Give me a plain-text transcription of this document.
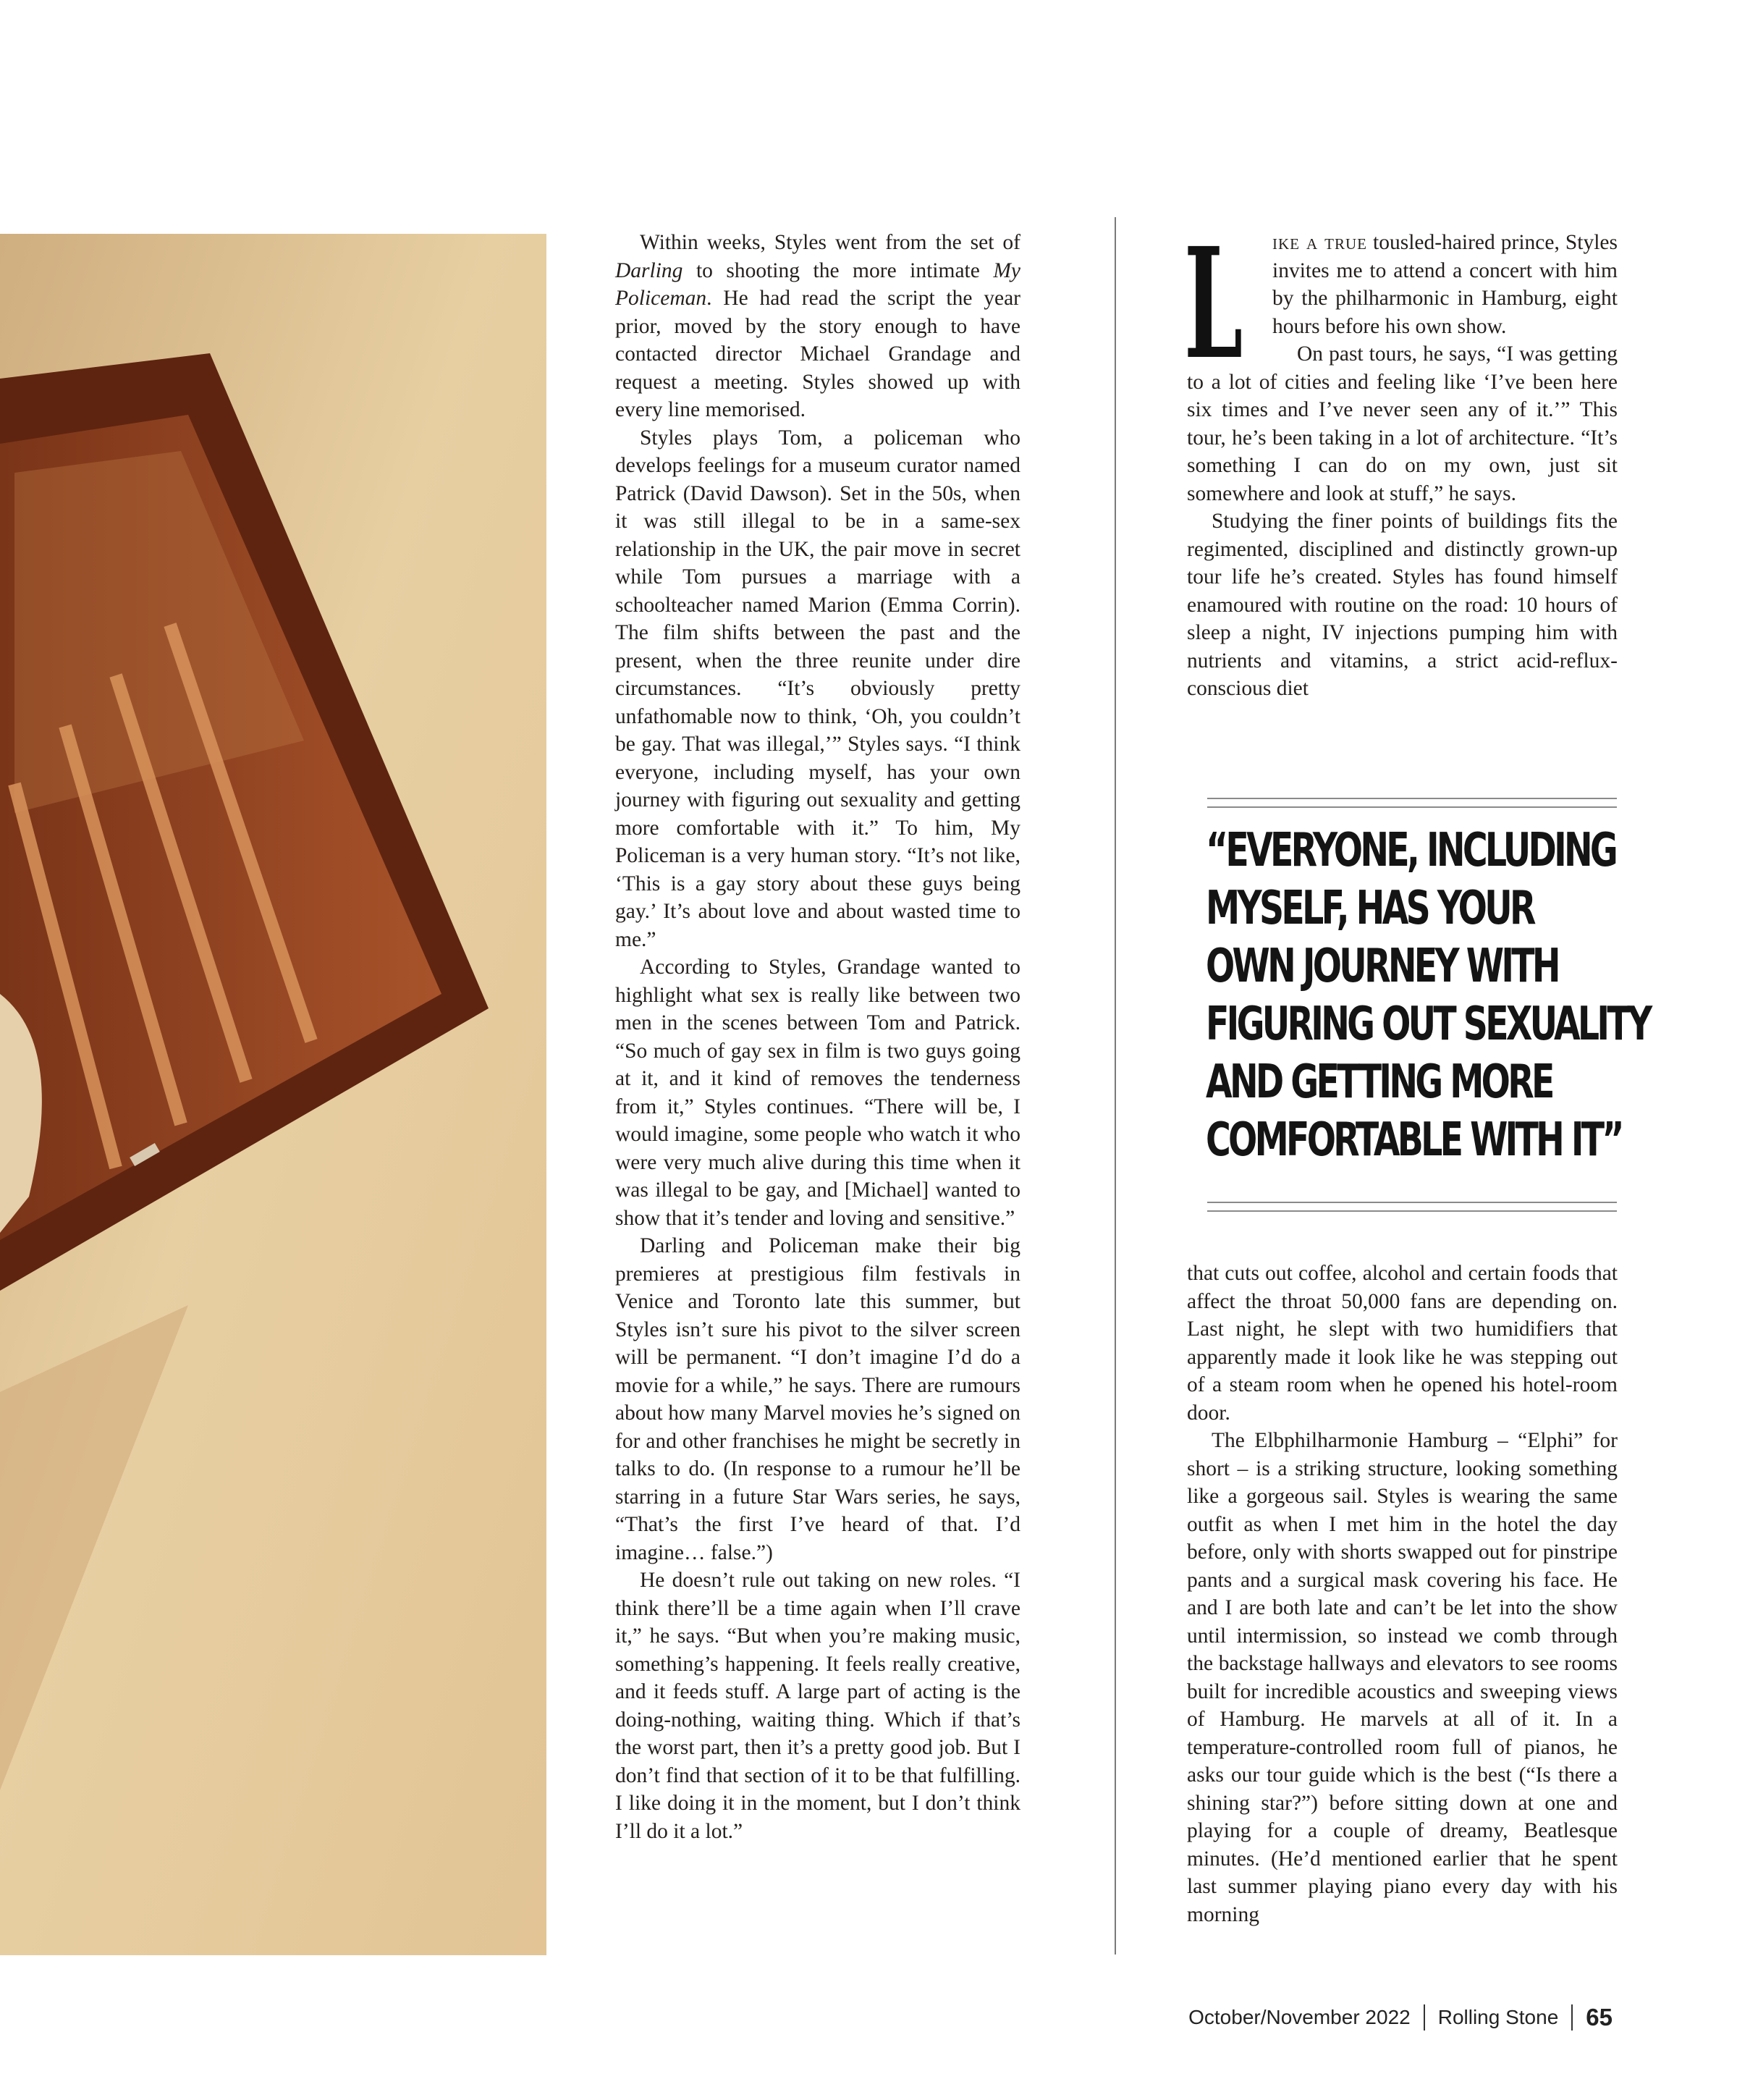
Within weeks, Styles went from the set of Darling to shooting the more intimate My Policeman. He had read the script the year prior, moved by the story enough to have contacted director Michael Grandage and request a meeting. Styles showed up with every line memorised.

Styles plays Tom, a policeman who develops feelings for a museum curator named Patrick (David Dawson). Set in the 50s, when it was still illegal to be in a same-sex relationship in the UK, the pair move in secret while Tom pursues a marriage with a schoolteacher named Marion (Emma Corrin). The film shifts between the past and the present, when the three reunite under dire circumstances. “It’s obviously pretty unfathomable now to think, ‘Oh, you couldn’t be gay. That was illegal,’” Styles says. “I think everyone, including myself, has your own journey with figuring out sexuality and getting more comfortable with it.” To him, My Policeman is a very human story. “It’s not like, ‘This is a gay story about these guys being gay.’ It’s about love and about wasted time to me.”

According to Styles, Grandage wanted to highlight what sex is really like between two men in the scenes between Tom and Patrick. “So much of gay sex in film is two guys going at it, and it kind of removes the tenderness from it,” Styles continues. “There will be, I would imagine, some people who watch it who were very much alive during this time when it was illegal to be gay, and [Michael] wanted to show that it’s tender and loving and sensitive.”

Darling and Policeman make their big premieres at prestigious film festivals in Venice and Toronto late this summer, but Styles isn’t sure his pivot to the silver screen will be permanent. “I don’t imagine I’d do a movie for a while,” he says. There are rumours about how many Marvel movies he’s signed on for and other franchises he might be secretly in talks to do. (In response to a rumour he’ll be starring in a future Star Wars series, he says, “That’s the first I’ve heard of that. I’d imagine… false.”)

He doesn’t rule out taking on new roles. “I think there’ll be a time again when I’ll crave it,” he says. “But when you’re making music, something’s happening. It feels really creative, and it feeds stuff. A large part of acting is the doing-nothing, waiting thing. Which if that’s the worst part, then it’s a pretty good job. But I don’t find that section of it to be that fulfilling. I like doing it in the moment, but I don’t think I’ll do it a lot.”

L ike a true tousled-haired prince, Styles invites me to attend a concert with him by the philharmonic in Hamburg, eight hours before his own show.

On past tours, he says, “I was getting to a lot of cities and feeling like ‘I’ve been here six times and I’ve never seen any of it.’” This tour, he’s been taking in a lot of architecture. “It’s something I can do on my own, just sit somewhere and look at stuff,” he says.

Studying the finer points of buildings fits the regimented, disciplined and distinctly grown-up tour life he’s created. Styles has found himself enamoured with routine on the road: 10 hours of sleep a night, IV injections pumping him with nutrients and vitamins, a strict acid-reflux-conscious diet

“EVERYONE, INCLUDING
MYSELF, HAS YOUR
OWN JOURNEY WITH
FIGURING OUT SEXUALITY
AND GETTING MORE
COMFORTABLE WITH IT”

that cuts out coffee, alcohol and certain foods that affect the throat 50,000 fans are depending on. Last night, he slept with two humidifiers that apparently made it look like he was stepping out of a steam room when he opened his hotel-room door.

The Elbphilharmonie Hamburg – “Elphi” for short – is a striking structure, looking something like a gorgeous sail. Styles is wearing the same outfit as when I met him in the hotel the day before, only with shorts swapped out for pinstripe pants and a surgical mask covering his face. He and I are both late and can’t be let into the show until intermission, so instead we comb through the backstage hallways and elevators to see rooms built for incredible acoustics and sweeping views of Hamburg. He marvels at all of it. In a temperature-controlled room full of pianos, he asks our tour guide which is the best (“Is there a shining star?”) before sitting down at one and playing for a couple of dreamy, Beatlesque minutes. (He’d mentioned earlier that he spent last summer playing piano every day with his morning

October/November 2022 Rolling Stone 65
